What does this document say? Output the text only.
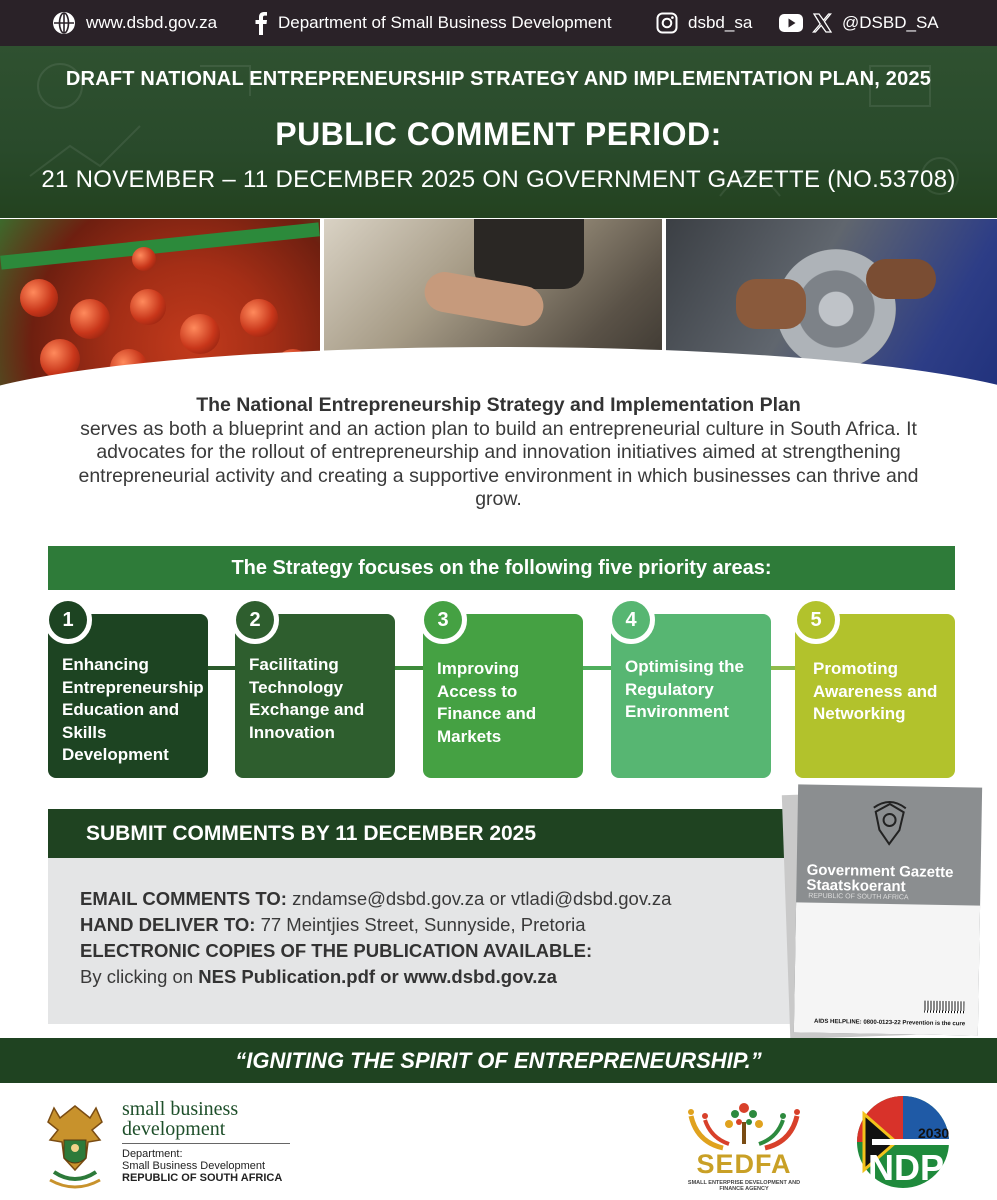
www.dsbd.gov.za	Department of Small Business Development	dsbd_sa	@DSBD_SA
DRAFT NATIONAL ENTREPRENEURSHIP STRATEGY AND IMPLEMENTATION PLAN, 2025
PUBLIC COMMENT PERIOD:
21 NOVEMBER – 11 DECEMBER 2025 ON GOVERNMENT GAZETTE (NO.53708)
The National Entrepreneurship Strategy and Implementation Plan
serves as both a blueprint and an action plan to build an entrepreneurial culture in South Africa. It advocates for the rollout of entrepreneurship and innovation initiatives aimed at strengthening entrepreneurial activity and creating a supportive environment in which businesses can thrive and grow.
The Strategy focuses on the following five priority areas:
Enhancing Entrepreneurship Education and Skills Development
Facilitating Technology Exchange and Innovation
Improving Access to Finance and Markets
Optimising the Regulatory Environment
Promoting Awareness and Networking
1	2	3	4	5
SUBMIT COMMENTS BY 11 DECEMBER 2025
EMAIL COMMENTS TO: zndamse@dsbd.gov.za or vtladi@dsbd.gov.za
HAND DELIVER TO: 77 Meintjies Street, Sunnyside, Pretoria
ELECTRONIC COPIES OF THE PUBLICATION AVAILABLE:
By clicking on NES Publication.pdf or www.dsbd.gov.za
Government Gazette
Staatskoerant
REPUBLIC OF SOUTH AFRICA
AIDS HELPLINE: 0800-0123-22 Prevention is the cure
“IGNITING THE SPIRIT OF ENTREPRENEURSHIP.”
small business
development
Department:
Small Business Development
REPUBLIC OF SOUTH AFRICA	SEDFA
SMALL ENTERPRISE DEVELOPMENT AND FINANCE AGENCY
2030
NDP
